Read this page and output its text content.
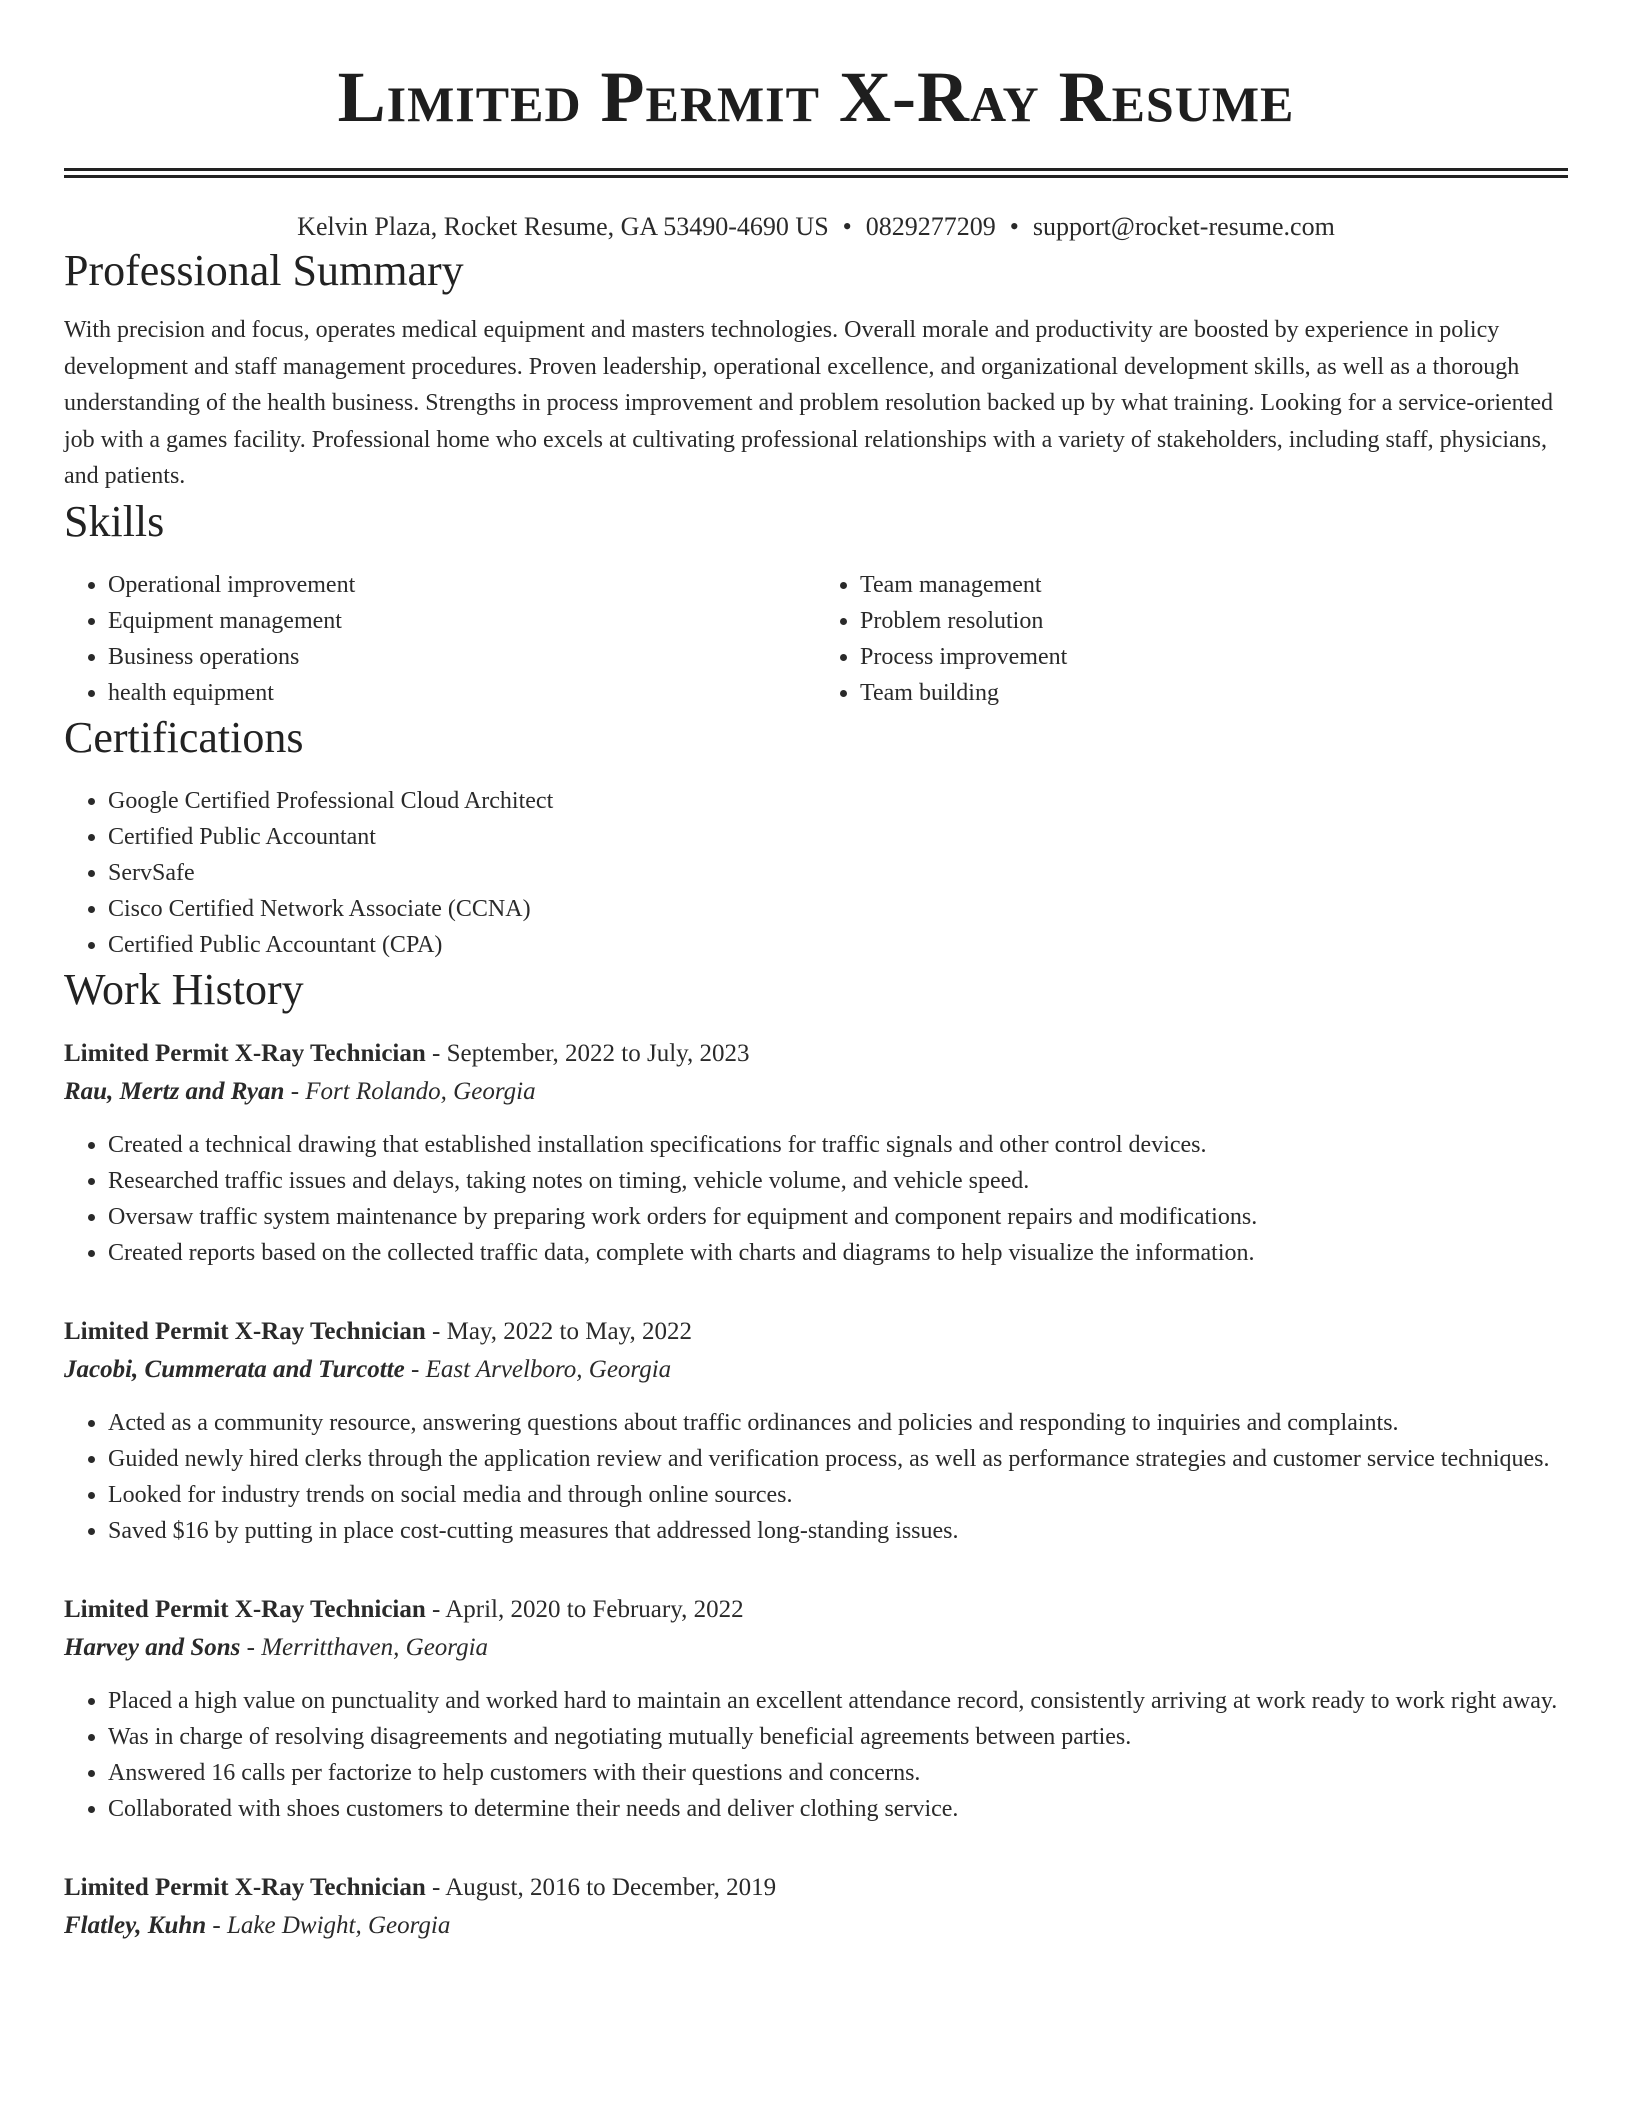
Limited Permit X-Ray Resume
Kelvin Plaza, Rocket Resume, GA 53490-4690 US • 0829277209 • support@rocket-resume.com
Professional Summary

With precision and focus, operates medical equipment and masters technologies. Overall morale and productivity are boosted by experience in policy development and staff management procedures. Proven leadership, operational excellence, and organizational development skills, as well as a thorough understanding of the health business. Strengths in process improvement and problem resolution backed up by what training. Looking for a service-oriented job with a games facility. Professional home who excels at cultivating professional relationships with a variety of stakeholders, including staff, physicians, and patients.

Skills
• Operational improvement
• Equipment management
• Business operations
• health equipment
• Team management
• Problem resolution
• Process improvement
• Team building
Certifications
• Google Certified Professional Cloud Architect
• Certified Public Accountant
• ServSafe
• Cisco Certified Network Associate (CCNA)
• Certified Public Accountant (CPA)
Work History
Limited Permit X-Ray Technician - September, 2022 to July, 2023
Rau, Mertz and Ryan - Fort Rolando, Georgia
• Created a technical drawing that established installation specifications for traffic signals and other control devices.
• Researched traffic issues and delays, taking notes on timing, vehicle volume, and vehicle speed.
• Oversaw traffic system maintenance by preparing work orders for equipment and component repairs and modifications.
• Created reports based on the collected traffic data, complete with charts and diagrams to help visualize the information.
Limited Permit X-Ray Technician - May, 2022 to May, 2022
Jacobi, Cummerata and Turcotte - East Arvelboro, Georgia
• Acted as a community resource, answering questions about traffic ordinances and policies and responding to inquiries and complaints.
• Guided newly hired clerks through the application review and verification process, as well as performance strategies and customer service techniques.
• Looked for industry trends on social media and through online sources.
• Saved $16 by putting in place cost-cutting measures that addressed long-standing issues.
Limited Permit X-Ray Technician - April, 2020 to February, 2022
Harvey and Sons - Merritthaven, Georgia
• Placed a high value on punctuality and worked hard to maintain an excellent attendance record, consistently arriving at work ready to work right away.
• Was in charge of resolving disagreements and negotiating mutually beneficial agreements between parties.
• Answered 16 calls per factorize to help customers with their questions and concerns.
• Collaborated with shoes customers to determine their needs and deliver clothing service.
Limited Permit X-Ray Technician - August, 2016 to December, 2019
Flatley, Kuhn - Lake Dwight, Georgia
